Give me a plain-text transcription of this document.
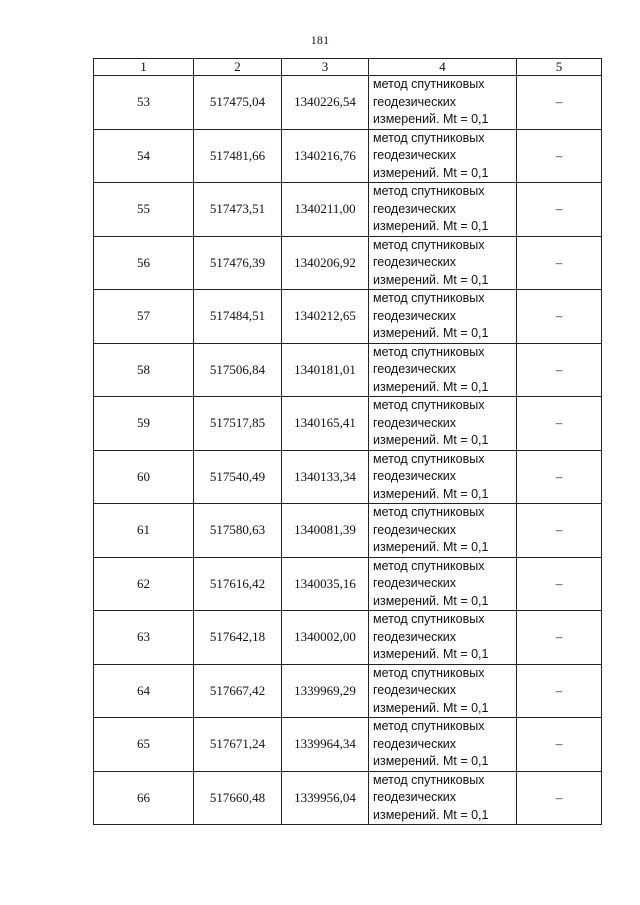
181
1	2	3	4	5
53	517475,04	1340226,54	метод спутниковых
геодезических
измерений. Mt = 0,1	–
54	517481,66	1340216,76	метод спутниковых
геодезических
измерений. Mt = 0,1	–
55	517473,51	1340211,00	метод спутниковых
геодезических
измерений. Mt = 0,1	–
56	517476,39	1340206,92	метод спутниковых
геодезических
измерений. Mt = 0,1	–
57	517484,51	1340212,65	метод спутниковых
геодезических
измерений. Mt = 0,1	–
58	517506,84	1340181,01	метод спутниковых
геодезических
измерений. Mt = 0,1	–
59	517517,85	1340165,41	метод спутниковых
геодезических
измерений. Mt = 0,1	–
60	517540,49	1340133,34	метод спутниковых
геодезических
измерений. Mt = 0,1	–
61	517580,63	1340081,39	метод спутниковых
геодезических
измерений. Mt = 0,1	–
62	517616,42	1340035,16	метод спутниковых
геодезических
измерений. Mt = 0,1	–
63	517642,18	1340002,00	метод спутниковых
геодезических
измерений. Mt = 0,1	–
64	517667,42	1339969,29	метод спутниковых
геодезических
измерений. Mt = 0,1	–
65	517671,24	1339964,34	метод спутниковых
геодезических
измерений. Mt = 0,1	–
66	517660,48	1339956,04	метод спутниковых
геодезических
измерений. Mt = 0,1	–
